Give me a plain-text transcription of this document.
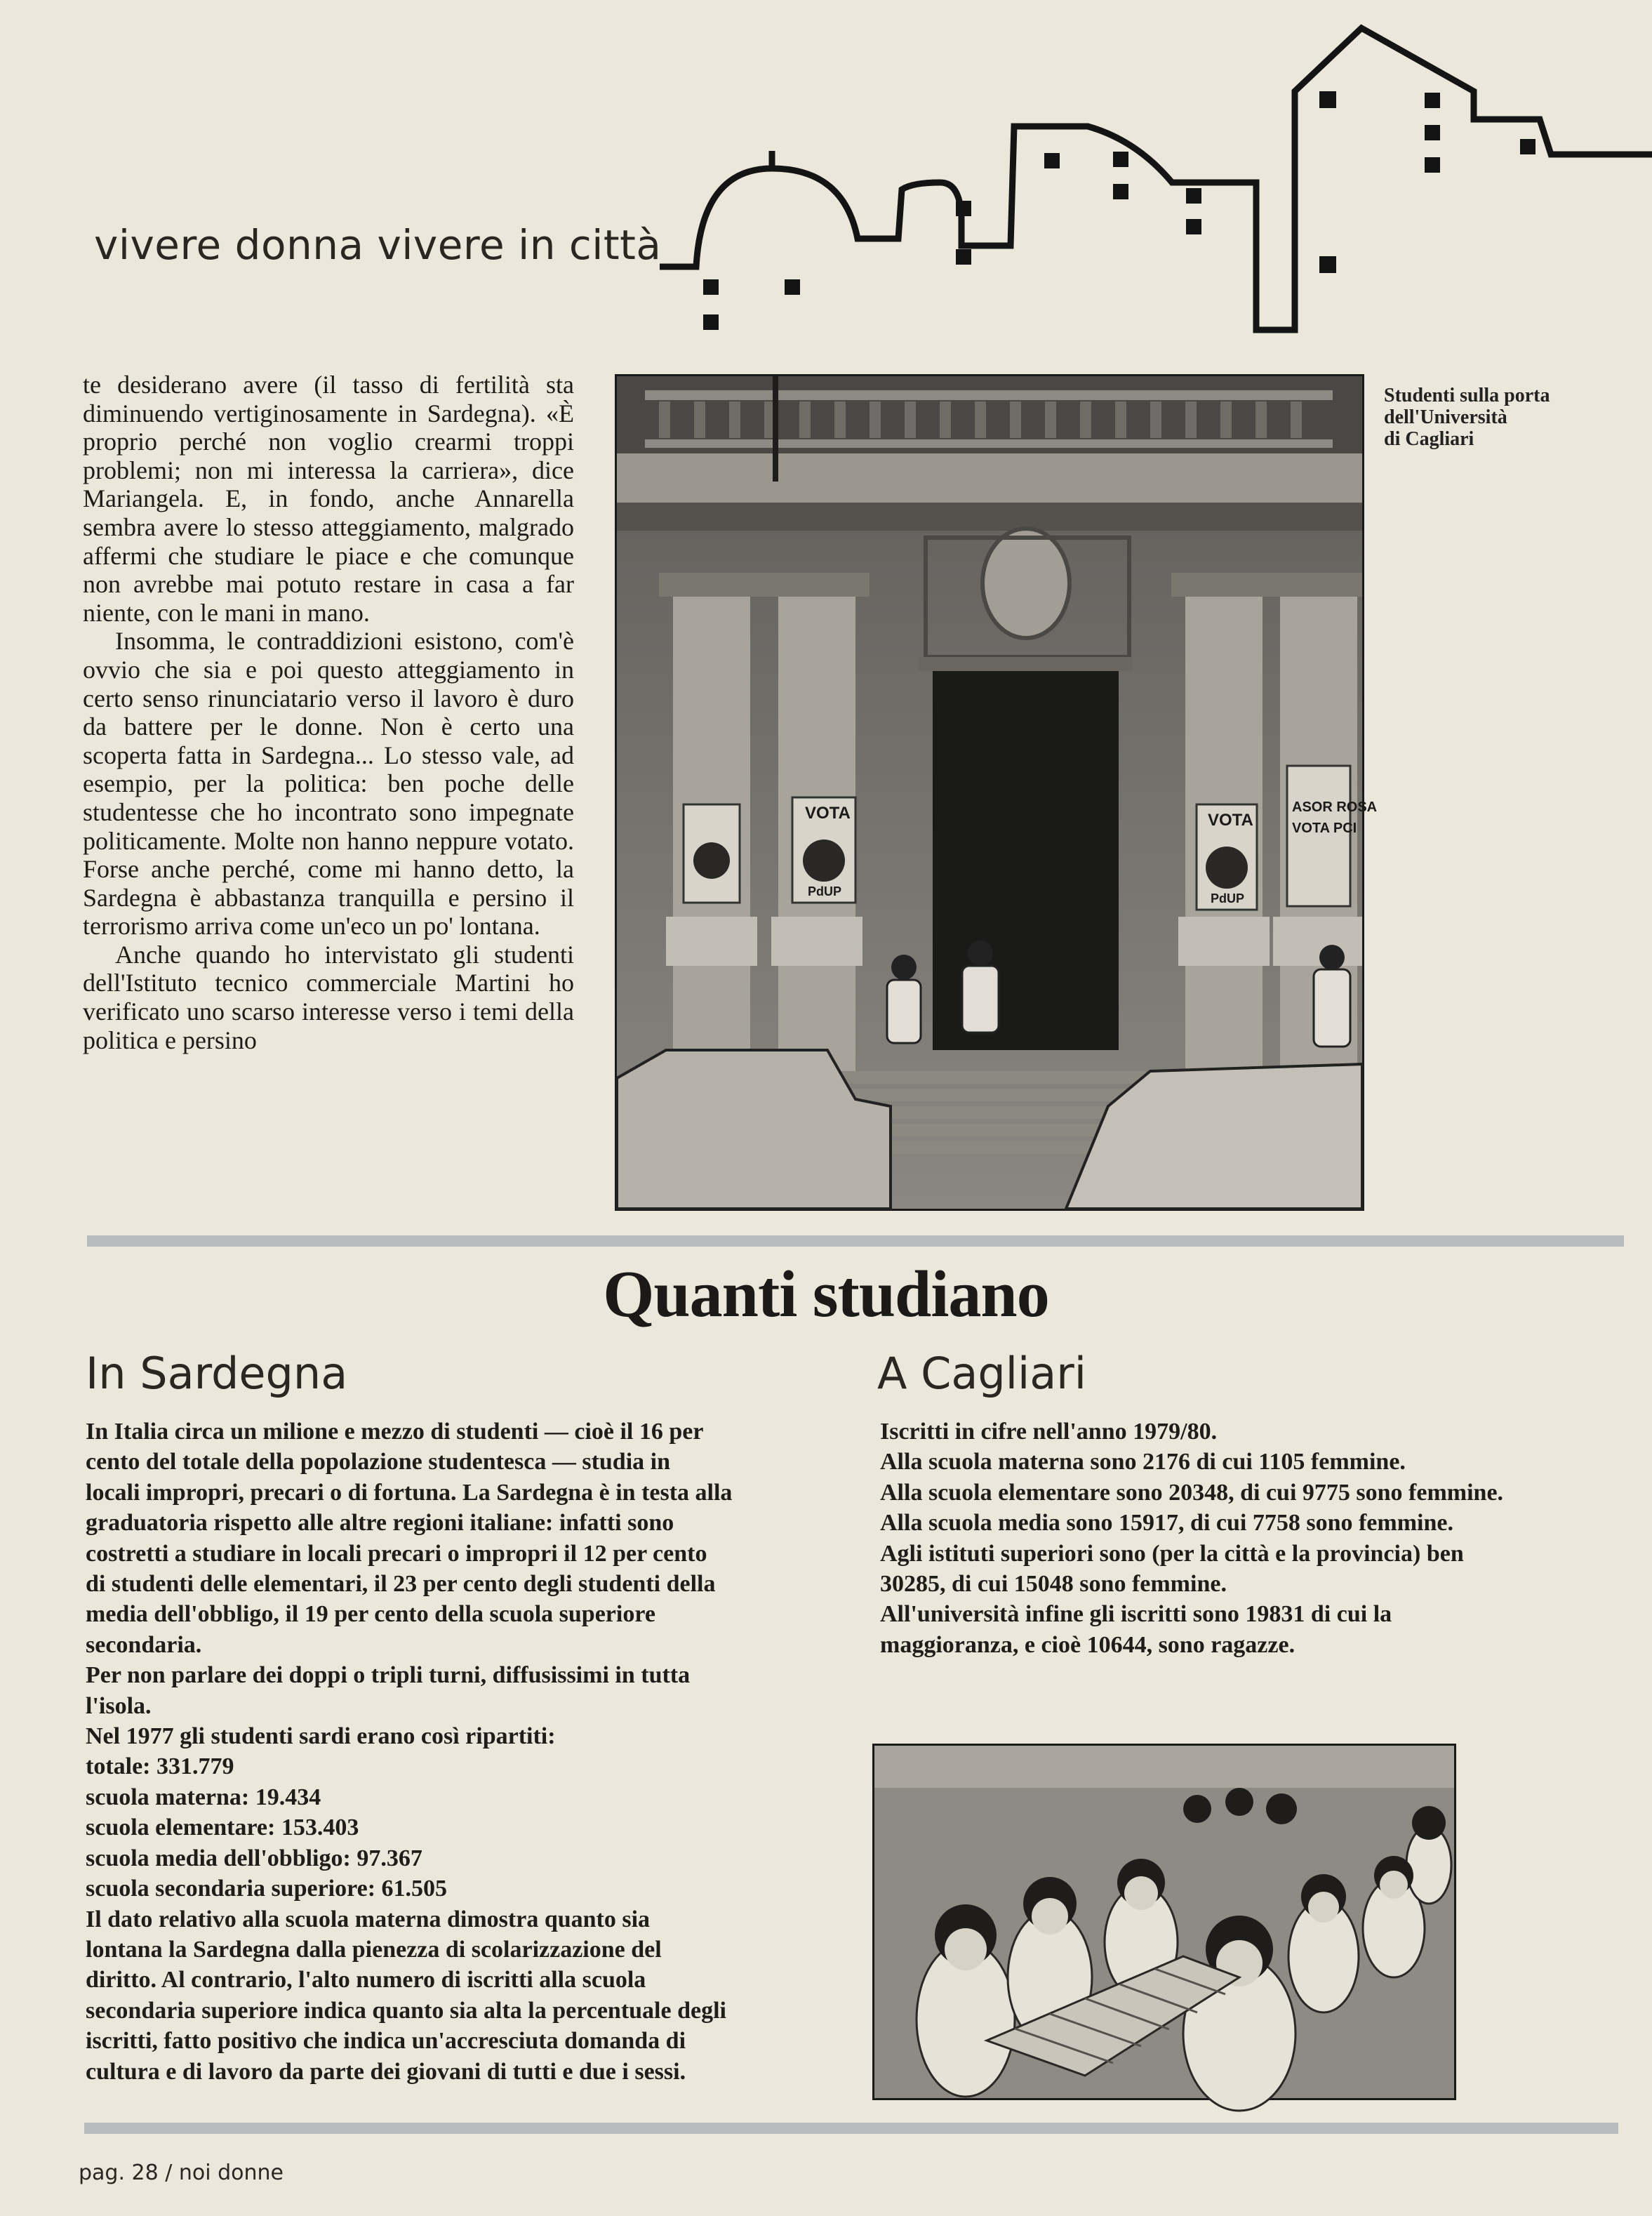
vivere donna vivere in città

te desiderano avere (il tasso di fertilità sta diminuendo vertiginosamente in Sardegna). «È proprio perché non voglio crearmi troppi problemi; non mi interessa la carriera», dice Mariangela. E, in fondo, anche Annarella sembra avere lo stesso atteggiamento, malgrado affermi che studiare le piace e che comunque non avrebbe mai potuto restare in casa a far niente, con le mani in mano.

Insomma, le contraddizioni esistono, com'è ovvio che sia e poi questo atteggiamento in certo senso rinunciatario verso il lavoro è duro da battere per le donne. Non è certo una scoperta fatta in Sardegna... Lo stesso vale, ad esempio, per la politica: ben poche delle studentesse che ho incontrato sono impegnate politicamente. Molte non hanno neppure votato. Forse anche perché, come mi hanno detto, la Sardegna è abbastanza tranquilla e persino il terrorismo arriva come un'eco un po' lontana.

Anche quando ho intervistato gli studenti dell'Istituto tecnico commerciale Martini ho verificato uno scarso interesse verso i temi della politica e persino

VOTA	VOTA
PdUP	PdUP
ASOR ROSA
VOTA PCI
Studenti sulla porta
dell'Università
di Cagliari
Quanti studiano
In Sardegna	A Cagliari
In Italia circa un milione e mezzo di studenti — cioè il 16 per
cento del totale della popolazione studentesca — studia in
locali impropri, precari o di fortuna. La Sardegna è in testa alla
graduatoria rispetto alle altre regioni italiane: infatti sono
costretti a studiare in locali precari o impropri il 12 per cento
di studenti delle elementari, il 23 per cento degli studenti della
media dell'obbligo, il 19 per cento della scuola superiore
secondaria.
Per non parlare dei doppi o tripli turni, diffusissimi in tutta
l'isola.
Nel 1977 gli studenti sardi erano così ripartiti:
totale: 331.779
scuola materna: 19.434
scuola elementare: 153.403
scuola media dell'obbligo: 97.367
scuola secondaria superiore: 61.505
Il dato relativo alla scuola materna dimostra quanto sia
lontana la Sardegna dalla pienezza di scolarizzazione del
diritto. Al contrario, l'alto numero di iscritti alla scuola
secondaria superiore indica quanto sia alta la percentuale degli
iscritti, fatto positivo che indica un'accresciuta domanda di
cultura e di lavoro da parte dei giovani di tutti e due i sessi.
Iscritti in cifre nell'anno 1979/80.
Alla scuola materna sono 2176 di cui 1105 femmine.
Alla scuola elementare sono 20348, di cui 9775 sono femmine.
Alla scuola media sono 15917, di cui 7758 sono femmine.
Agli istituti superiori sono (per la città e la provincia) ben
30285, di cui 15048 sono femmine.
All'università infine gli iscritti sono 19831 di cui la
maggioranza, e cioè 10644, sono ragazze.
pag. 28 / noi donne
